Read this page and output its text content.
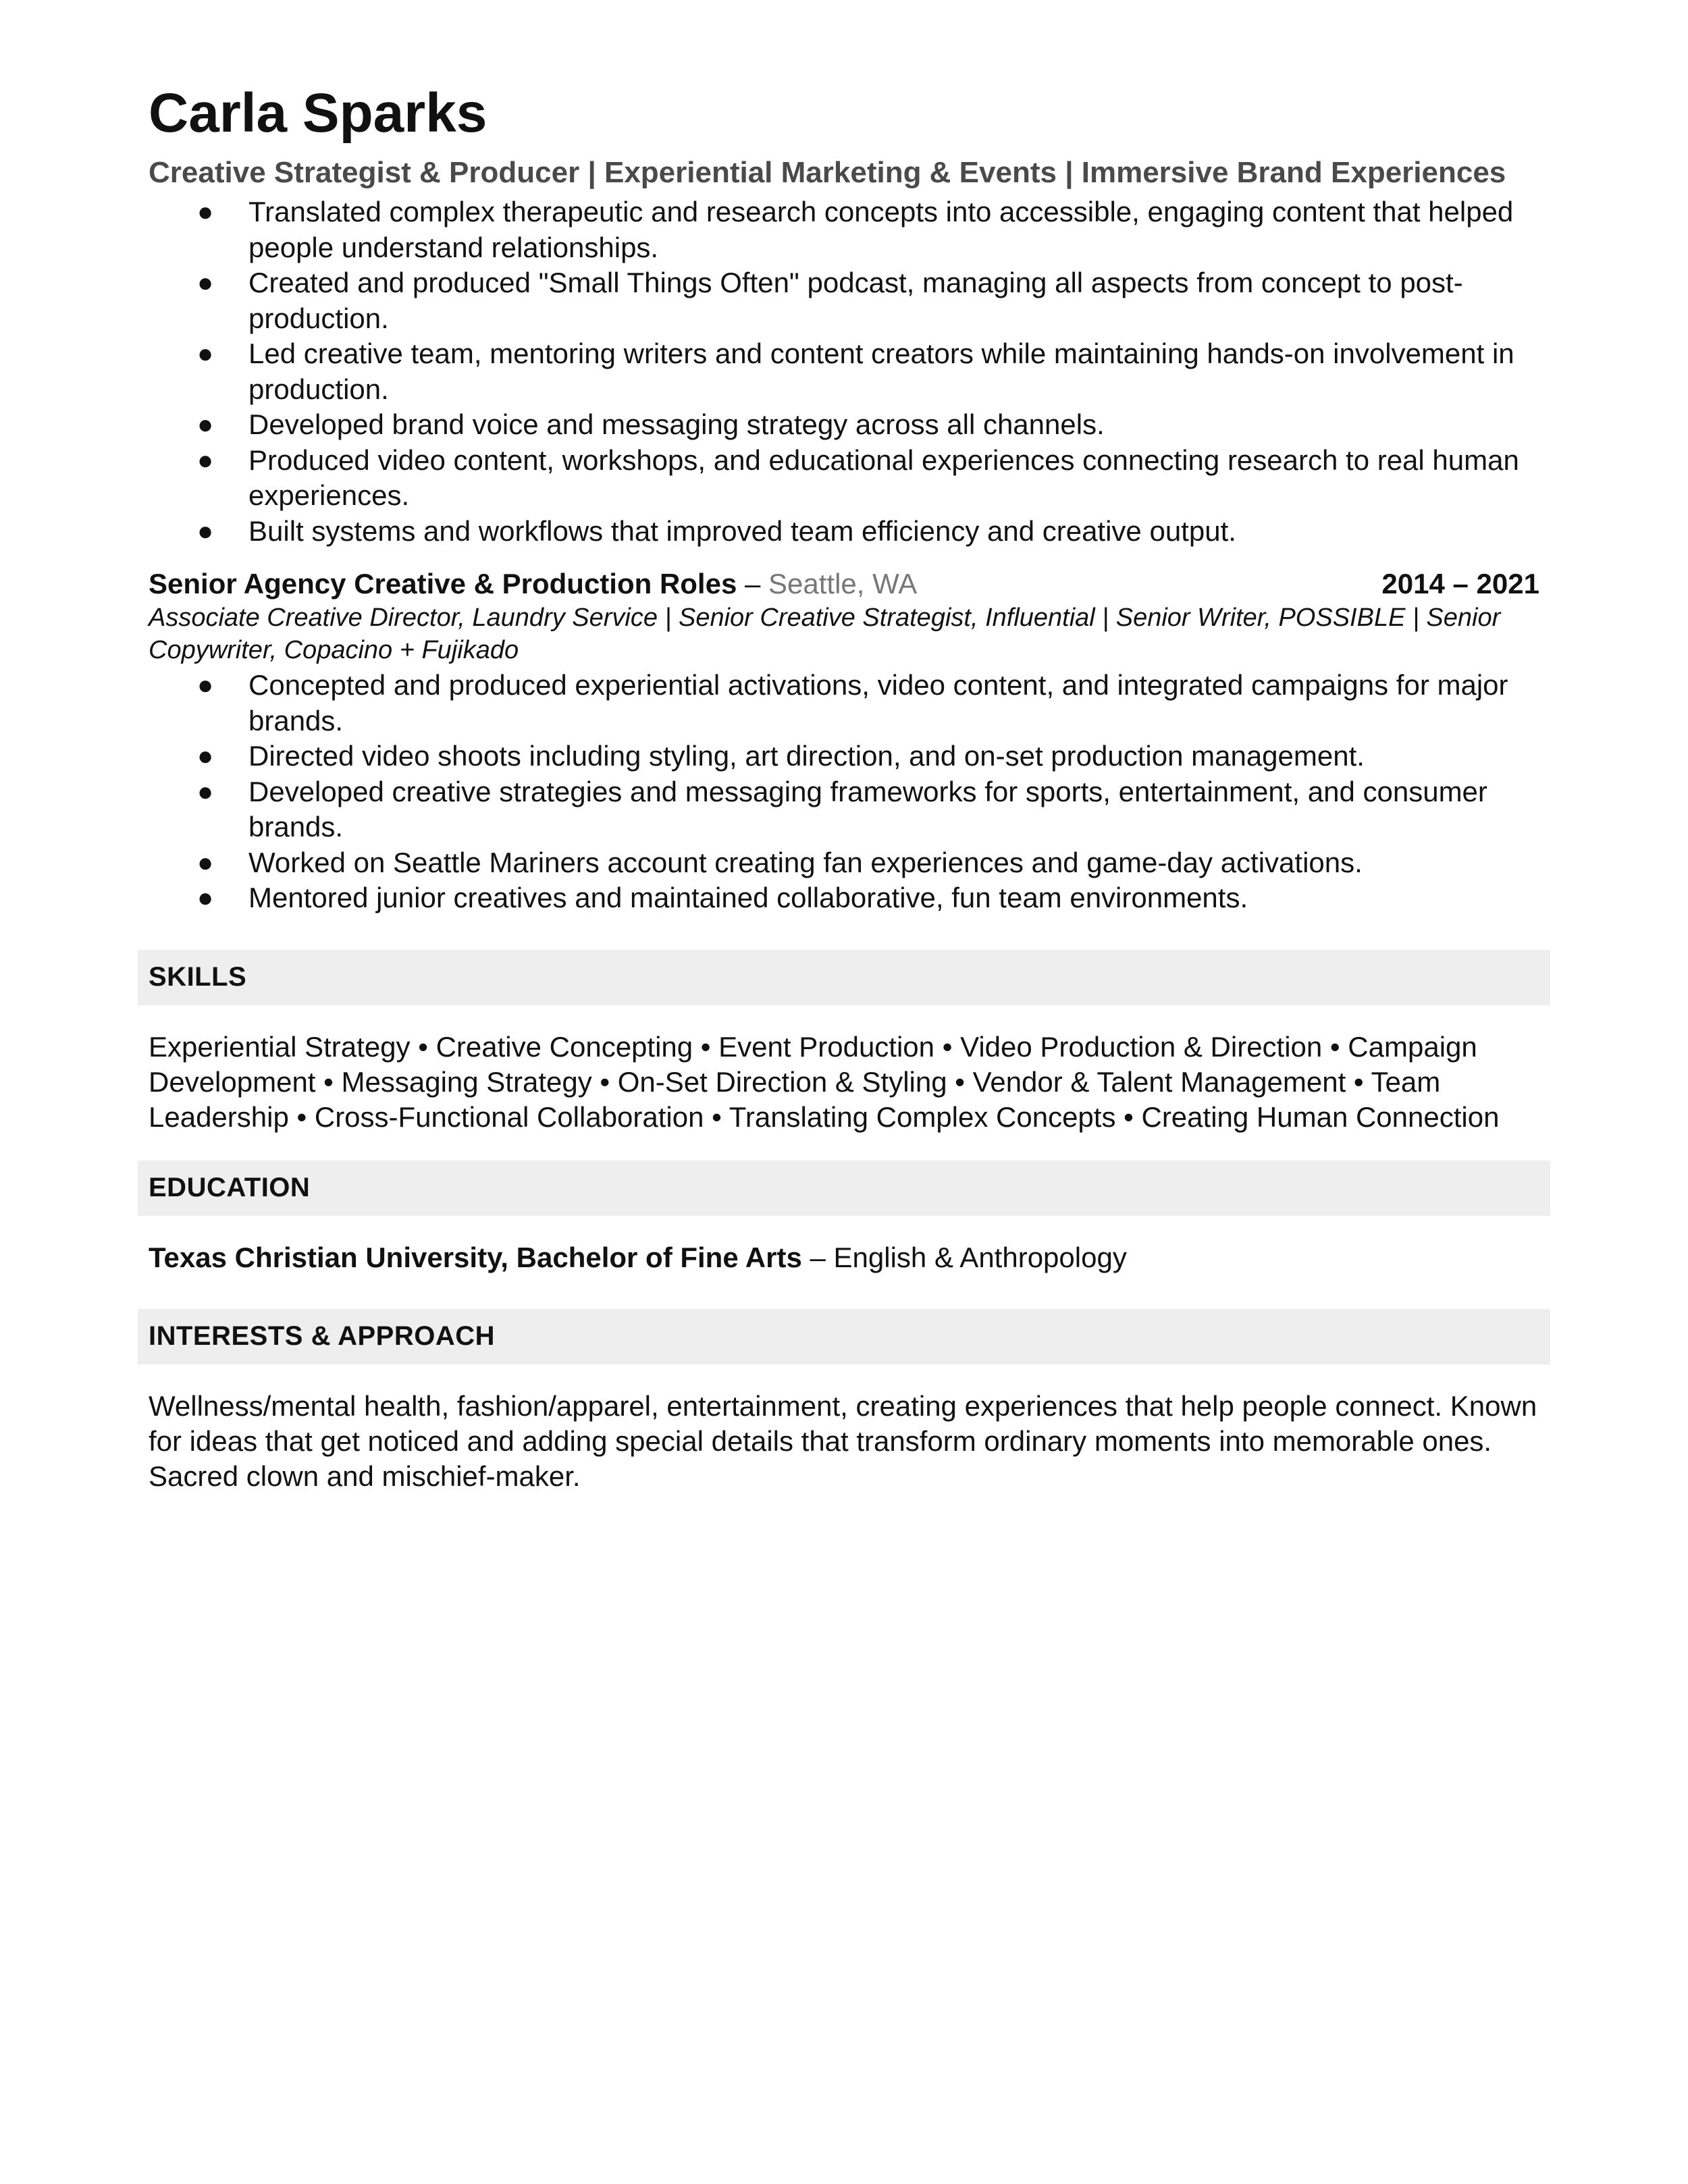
Carla Sparks
Creative Strategist & Producer | Experiential Marketing & Events | Immersive Brand Experiences
● Translated complex therapeutic and research concepts into accessible, engaging content that helped people understand relationships.
● Created and produced "Small Things Often" podcast, managing all aspects from concept to post-production.
● Led creative team, mentoring writers and content creators while maintaining hands-on involvement in production.
● Developed brand voice and messaging strategy across all channels.
● Produced video content, workshops, and educational experiences connecting research to real human experiences.
● Built systems and workflows that improved team efficiency and creative output.
Senior Agency Creative & Production Roles – Seattle, WA	2014 – 2021
Associate Creative Director, Laundry Service | Senior Creative Strategist, Influential | Senior Writer, POSSIBLE | Senior Copywriter, Copacino + Fujikado
● Concepted and produced experiential activations, video content, and integrated campaigns for major brands.
● Directed video shoots including styling, art direction, and on-set production management.
● Developed creative strategies and messaging frameworks for sports, entertainment, and consumer brands.
● Worked on Seattle Mariners account creating fan experiences and game-day activations.
● Mentored junior creatives and maintained collaborative, fun team environments.
SKILLS
Experiential Strategy • Creative Concepting • Event Production • Video Production & Direction • Campaign Development • Messaging Strategy • On-Set Direction & Styling • Vendor & Talent Management • Team Leadership • Cross-Functional Collaboration • Translating Complex Concepts • Creating Human Connection
EDUCATION
Texas Christian University, Bachelor of Fine Arts – English & Anthropology
INTERESTS & APPROACH
Wellness/mental health, fashion/apparel, entertainment, creating experiences that help people connect. Known for ideas that get noticed and adding special details that transform ordinary moments into memorable ones. Sacred clown and mischief-maker.
